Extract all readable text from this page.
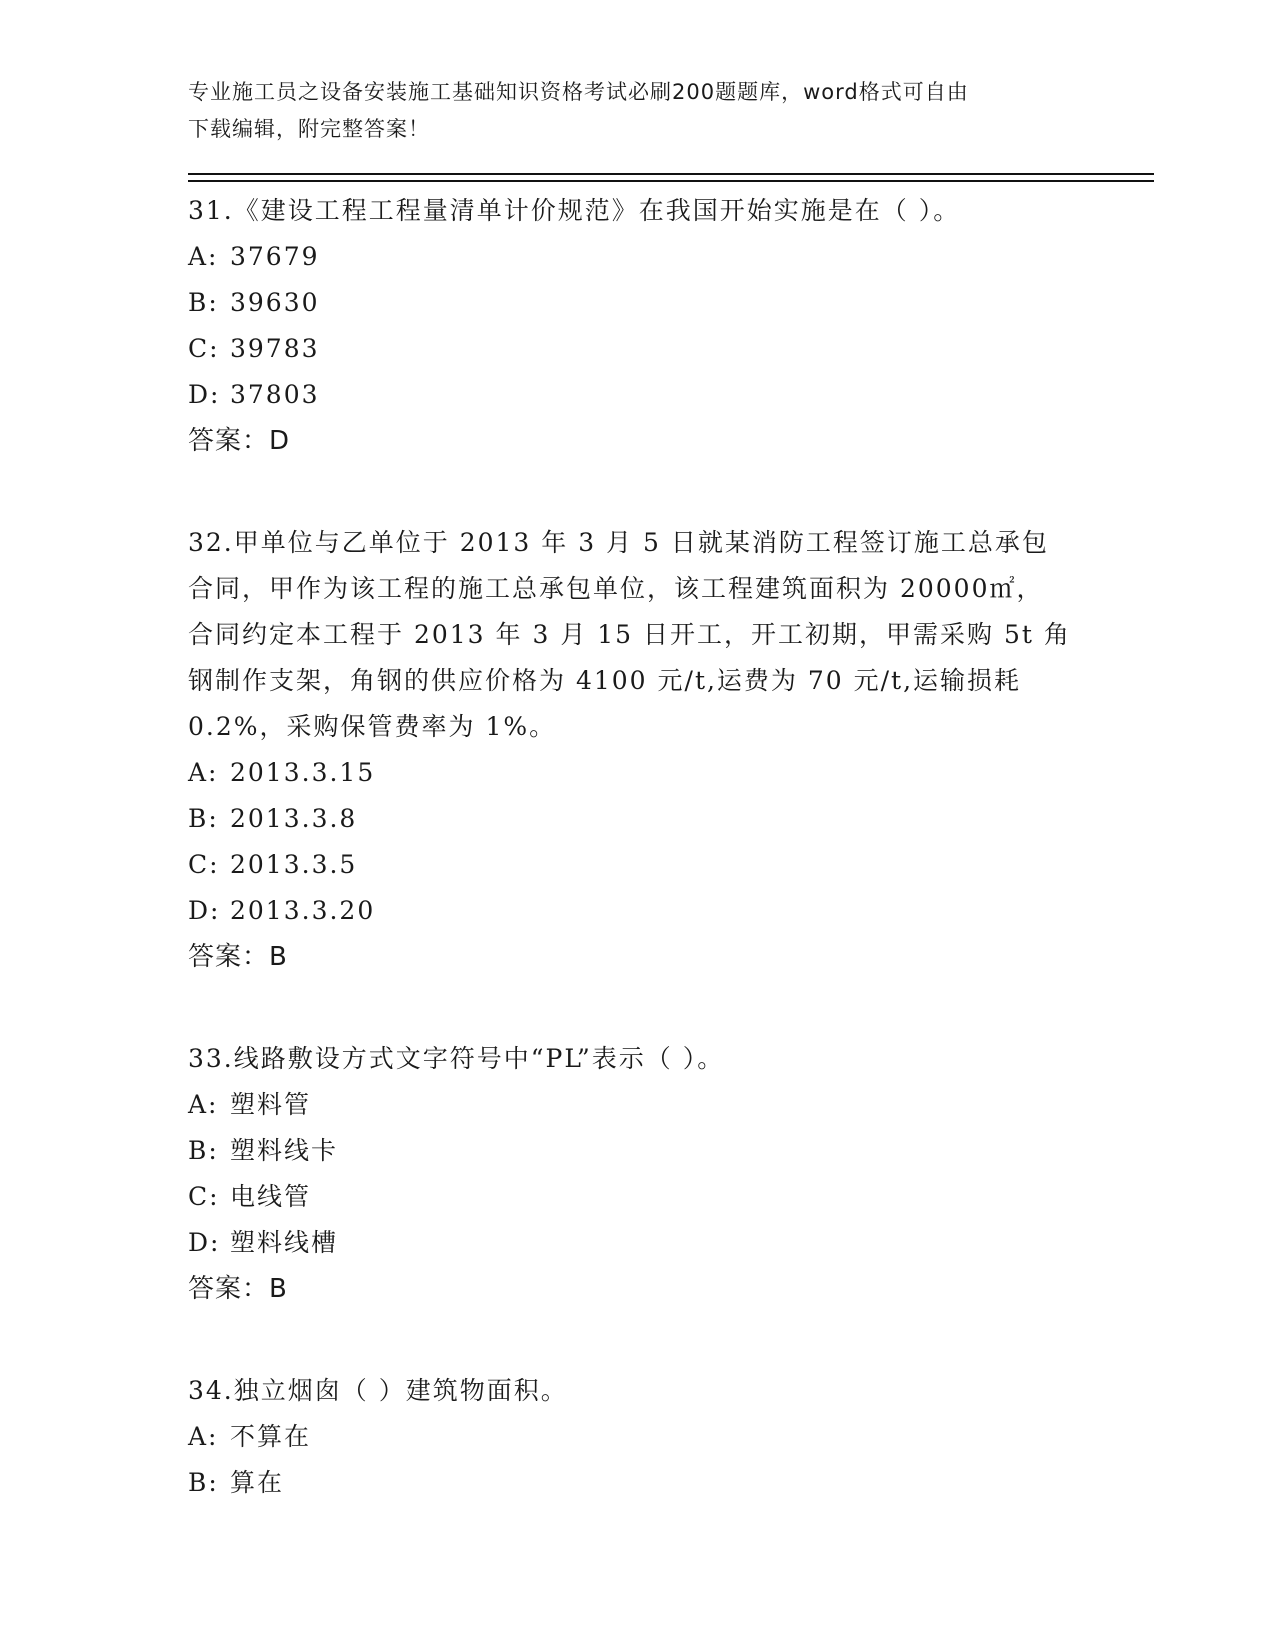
专业施工员之设备安装施工基础知识资格考试必刷200题题库，word格式可自由
下载编辑，附完整答案！
31.《建设工程工程量清单计价规范》在我国开始实施是在（ ）。
A: 37679
B: 39630
C: 39783
D: 37803
答案：D
32.甲单位与乙单位于 2013 年 3 月 5 日就某消防工程签订施工总承包
合同，甲作为该工程的施工总承包单位，该工程建筑面积为 20000㎡，
合同约定本工程于 2013 年 3 月 15 日开工，开工初期，甲需采购 5t 角
钢制作支架，角钢的供应价格为 4100 元/t,运费为 70 元/t,运输损耗
0.2%，采购保管费率为 1%。
A: 2013.3.15
B: 2013.3.8
C: 2013.3.5
D: 2013.3.20
答案：B
33.线路敷设方式文字符号中“PL”表示（ ）。
A: 塑料管
B: 塑料线卡
C: 电线管
D: 塑料线槽
答案：B
34.独立烟囱（ ）建筑物面积。
A: 不算在
B: 算在
